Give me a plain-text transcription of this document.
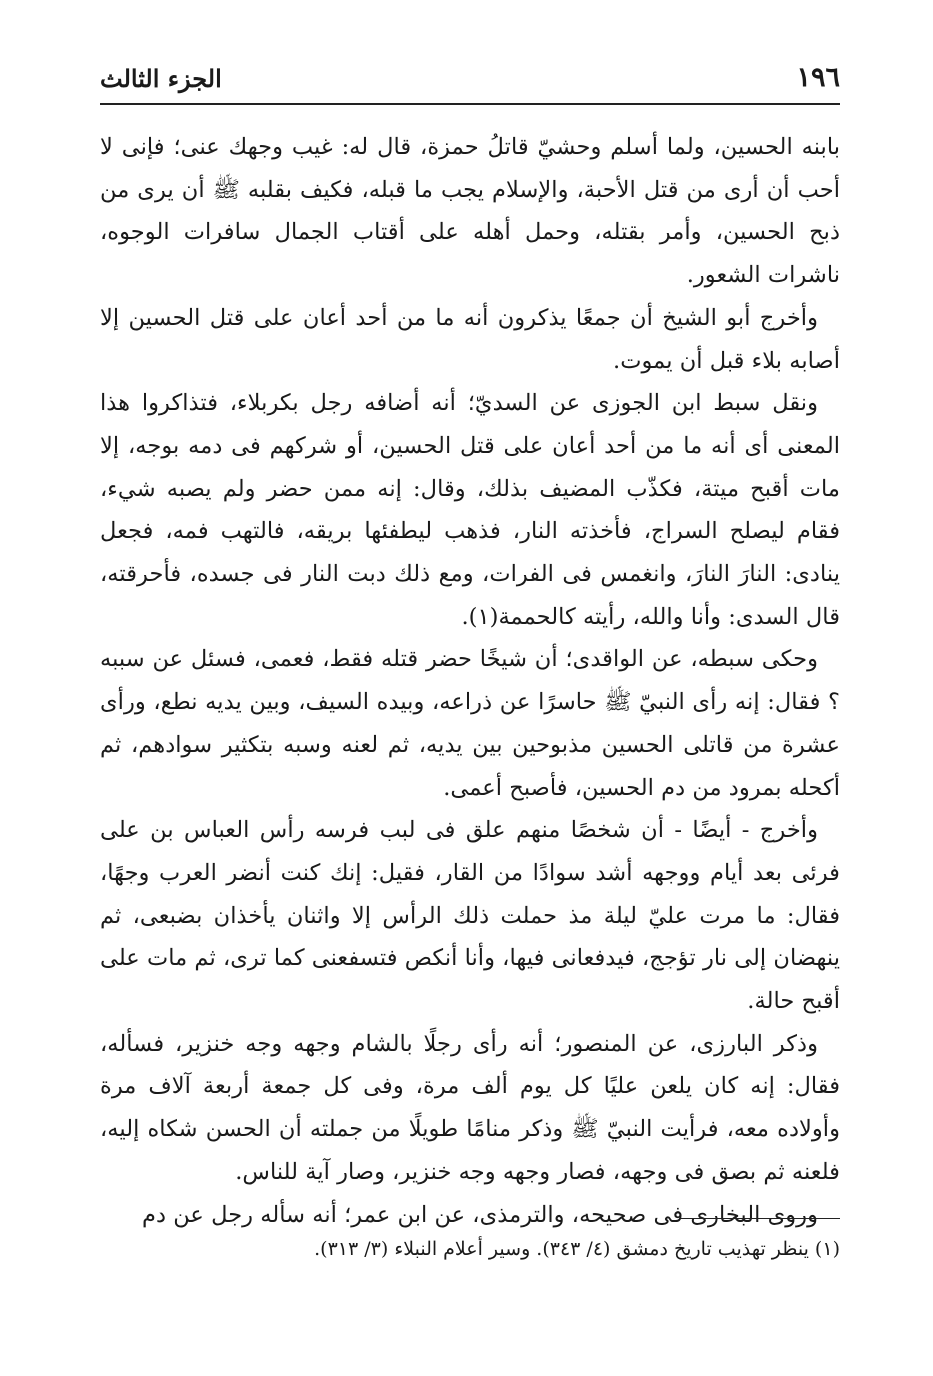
١٩٦
الجزء الثالث

بابنه الحسين، ولما أسلم وحشيّ قاتلُ حمزة، قال له: غيب وجهك عنى؛ فإنى لا أحب أن أرى من قتل الأحبة، والإسلام يجب ما قبله، فكيف بقلبه ﷺ أن يرى من ذبح الحسين، وأمر بقتله، وحمل أهله على أقتاب الجمال سافرات الوجوه، ناشرات الشعور.

وأخرج أبو الشيخ أن جمعًا يذكرون أنه ما من أحد أعان على قتل الحسين إلا أصابه بلاء قبل أن يموت.

ونقل سبط ابن الجوزى عن السديّ؛ أنه أضافه رجل بكربلاء، فتذاكروا هذا المعنى أى أنه ما من أحد أعان على قتل الحسين، أو شركهم فى دمه بوجه، إلا مات أقبح ميتة، فكذّب المضيف بذلك، وقال: إنه ممن حضر ولم يصبه شيء، فقام ليصلح السراج، فأخذته النار، فذهب ليطفئها بريقه، فالتهب فمه، فجعل ينادى: النارَ النارَ، وانغمس فى الفرات، ومع ذلك دبت النار فى جسده، فأحرقته، قال السدى: وأنا والله، رأيته كالحممة(١).

وحكى سبطه، عن الواقدى؛ أن شيخًا حضر قتله فقط، فعمى، فسئل عن سببه ؟ فقال: إنه رأى النبيّ ﷺ حاسرًا عن ذراعه، وبيده السيف، وبين يديه نطع، ورأى عشرة من قاتلى الحسين مذبوحين بين يديه، ثم لعنه وسبه بتكثير سوادهم، ثم أكحله بمرود من دم الحسين، فأصبح أعمى.

وأخرج - أيضًا - أن شخصًا منهم علق فى لبب فرسه رأس العباس بن على فرئى بعد أيام ووجهه أشد سوادًا من القار، فقيل: إنك كنت أنضر العرب وجهًا، فقال: ما مرت عليّ ليلة مذ حملت ذلك الرأس إلا واثنان يأخذان بضبعى، ثم ينهضان إلى نار تؤجج، فيدفعانى فيها، وأنا أنكص فتسفعنى كما ترى، ثم مات على أقبح حالة.

وذكر البارزى، عن المنصور؛ أنه رأى رجلًا بالشام وجهه وجه خنزير، فسأله، فقال: إنه كان يلعن عليًا كل يوم ألف مرة، وفى كل جمعة أربعة آلاف مرة وأولاده معه، فرأيت النبيّ ﷺ وذكر منامًا طويلًا من جملته أن الحسن شكاه إليه، فلعنه ثم بصق فى وجهه، فصار وجهه وجه خنزير، وصار آية للناس.

وروى البخارى فى صحيحه، والترمذى، عن ابن عمر؛ أنه سأله رجل عن دم

(١) ينظر تهذيب تاريخ دمشق (٤/ ٣٤٣). وسير أعلام النبلاء (٣/ ٣١٣).
